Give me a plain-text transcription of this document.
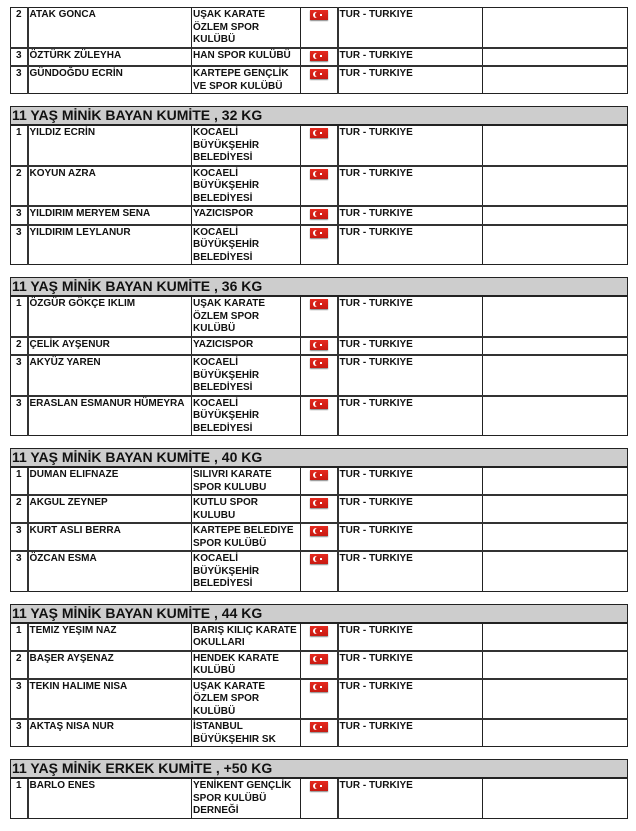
2	ATAK GONCA	UŞAK KARATE
ÖZLEM SPOR
KULÜBÜ		TUR - TURKIYE	
3	ÖZTÜRK ZÜLEYHA	HAN SPOR KULÜBÜ		TUR - TURKIYE	
3	GÜNDOĞDU ECRİN	KARTEPE GENÇLİK
VE SPOR KULÜBÜ		TUR - TURKIYE	
11 YAŞ MİNİK BAYAN KUMİTE , 32 KG					
1	YILDIZ ECRİN	KOCAELİ
BÜYÜKŞEHİR
BELEDİYESİ		TUR - TURKIYE	
2	KOYUN AZRA	KOCAELİ
BÜYÜKŞEHİR
BELEDİYESİ		TUR - TURKIYE	
3	YILDIRIM MERYEM SENA	YAZICISPOR		TUR - TURKIYE	
3	YILDIRIM LEYLANUR	KOCAELİ
BÜYÜKŞEHİR
BELEDİYESİ		TUR - TURKIYE	
11 YAŞ MİNİK BAYAN KUMİTE , 36 KG					
1	ÖZGÜR GÖKÇE IKLIM	UŞAK KARATE
ÖZLEM SPOR
KULÜBÜ		TUR - TURKIYE	
2	ÇELİK AYŞENUR	YAZICISPOR		TUR - TURKIYE	
3	AKYÜZ YAREN	KOCAELİ
BÜYÜKŞEHİR
BELEDİYESİ		TUR - TURKIYE	
3	ERASLAN ESMANUR HÜMEYRA	KOCAELİ
BÜYÜKŞEHİR
BELEDİYESİ		TUR - TURKIYE	
11 YAŞ MİNİK BAYAN KUMİTE , 40 KG					
1	DUMAN ELIFNAZE	SILIVRI KARATE
SPOR KULUBU		TUR - TURKIYE	
2	AKGUL ZEYNEP	KUTLU SPOR
KULUBU		TUR - TURKIYE	
3	KURT ASLI BERRA	KARTEPE BELEDIYE
SPOR KULÜBÜ		TUR - TURKIYE	
3	ÖZCAN ESMA	KOCAELİ
BÜYÜKŞEHİR
BELEDİYESİ		TUR - TURKIYE	
11 YAŞ MİNİK BAYAN KUMİTE , 44 KG					
1	TEMIZ YEŞIM NAZ	BARIŞ KILIÇ KARATE
OKULLARI		TUR - TURKIYE	
2	BAŞER AYŞENAZ	HENDEK KARATE
KULÜBÜ		TUR - TURKIYE	
3	TEKIN HALIME NISA	UŞAK KARATE
ÖZLEM SPOR
KULÜBÜ		TUR - TURKIYE	
3	AKTAŞ NISA NUR	İSTANBUL
BÜYÜKŞEHIR SK		TUR - TURKIYE	
11 YAŞ MİNİK ERKEK KUMİTE , +50 KG
1	BARLO ENES	YENİKENT GENÇLİK
SPOR KULÜBÜ
DERNEĞİ	
	TUR - TURKIYE	
